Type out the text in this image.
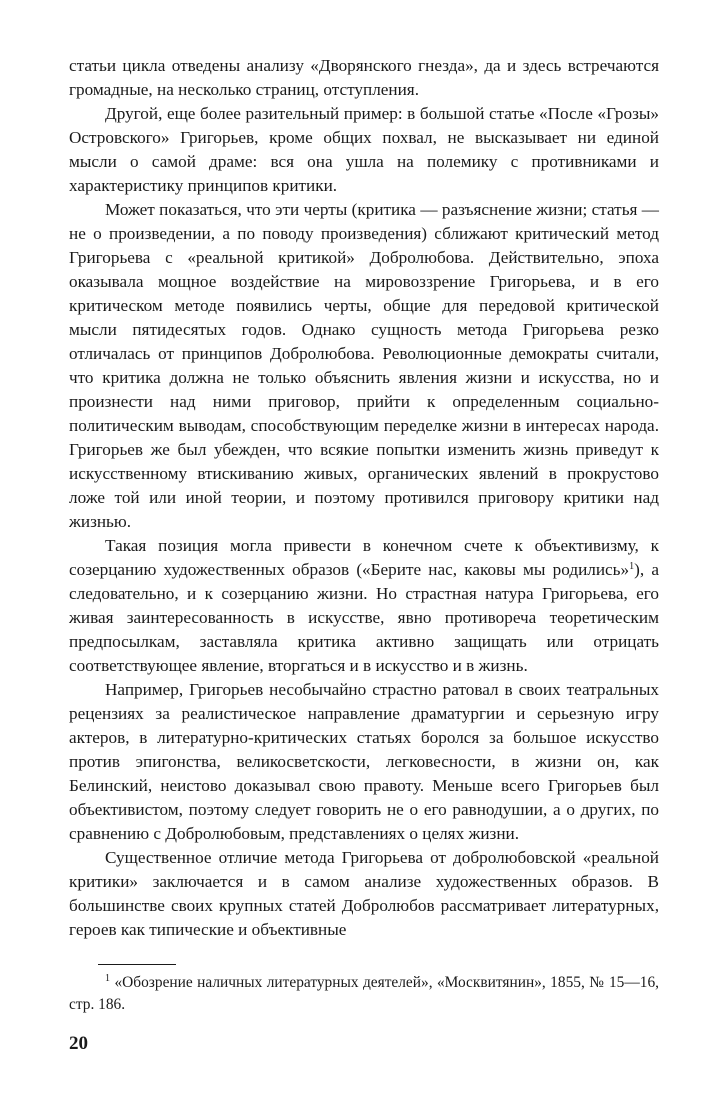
статьи цикла отведены анализу «Дворянского гнезда», да и здесь встречаются громадные, на несколько страниц, отступления.

Другой, еще более разительный пример: в большой статье «После «Грозы» Островского» Григорьев, кроме общих похвал, не высказывает ни единой мысли о самой драме: вся она ушла на полемику с противниками и характеристику принципов критики.

Может показаться, что эти черты (критика — разъяснение жизни; статья — не о произведении, а по поводу произведения) сближают критический метод Григорьева с «реальной критикой» Добролюбова. Действительно, эпоха оказывала мощное воздействие на мировоззрение Григорьева, и в его критическом методе появились черты, общие для передовой критической мысли пятидесятых годов. Однако сущность метода Григорьева резко отличалась от принципов Добролюбова. Революционные демократы считали, что критика должна не только объяснить явления жизни и искусства, но и произнести над ними приговор, прийти к определенным социально-политическим выводам, способствующим переделке жизни в интересах народа. Григорьев же был убежден, что всякие попытки изменить жизнь приведут к искусственному втискиванию живых, органических явлений в прокрустово ложе той или иной теории, и поэтому противился приговору критики над жизнью.

Такая позиция могла привести в конечном счете к объективизму, к созерцанию художественных образов («Берите нас, каковы мы родились»$^1$), а следовательно, и к созерцанию жизни. Но страстная натура Григорьева, его живая заинтересованность в искусстве, явно противореча теоретическим предпосылкам, заставляла критика активно защищать или отрицать соответствующее явление, вторгаться и в искусство и в жизнь.

Например, Григорьев несобычайно страстно ратовал в своих театральных рецензиях за реалистическое направление драматургии и серьезную игру актеров, в литературно-критических статьях боролся за большое искусство против эпигонства, великосветскости, легковесности, в жизни он, как Белинский, неистово доказывал свою правоту. Меньше всего Григорьев был объективистом, поэтому следует говорить не о его равнодушии, а о других, по сравнению с Добролюбовым, представлениях о целях жизни.

Существенное отличие метода Григорьева от добролюбовской «реальной критики» заключается и в самом анализе художественных образов. В большинстве своих крупных статей Добролюбов рассматривает литературных, героев как типические и объективные

$^1$ «Обозрение наличных литературных деятелей», «Москвитянин», 1855, № 15—16, стр. 186.

20
